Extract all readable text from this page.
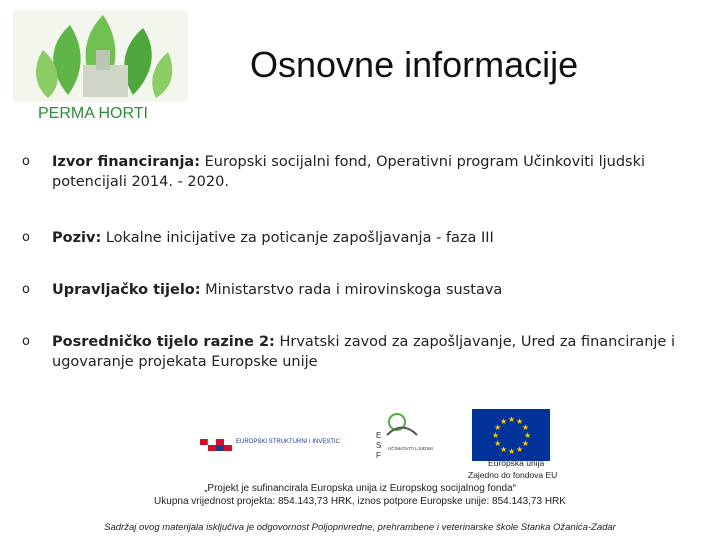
PERMA HORTI
Osnovne informacije
o	Izvor financiranja: Europski socijalni fond, Operativni program Učinkoviti ljudski potencijali 2014. - 2020.
o	Poziv: Lokalne inicijative za poticanje zapošljavanja - faza III
o	Upravljačko tijelo: Ministarstvo rada i mirovinskoga sustava
o	Posredničko tijelo razine 2: Hrvatski zavod za zapošljavanje, Ured za financiranje i ugovaranje projekata Europske unije
EUROPSKI STRUKTURNI I INVESTIC
E
S
F
UČINKOVITI LJUDSKI
★
★
★
★
★
★
★
★
★ ★ ★
★
Europska unija
Zajedno do fondova EU
„Projekt je sufinancirala Europska unija iz Europskog socijalnog fonda“
Ukupna vrijednost projekta: 854.143,73 HRK, iznos potpore Europske unije: 854.143,73 HRK
Sadržaj ovog materijala isključiva je odgovornost Poljoprivredne, prehrambene i veterinarske škole Stanka Ožanića-Zadar
